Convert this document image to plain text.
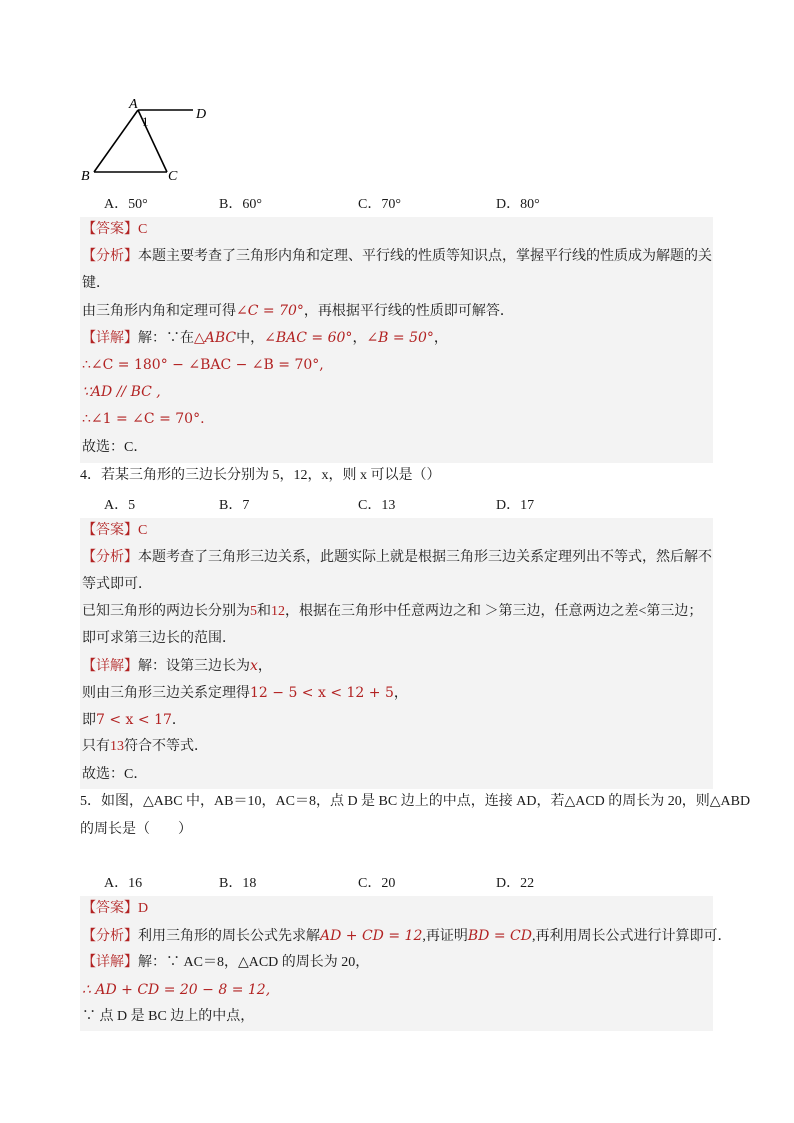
A
1	D
B	C
A．50°	B．60°	C．70°	D．80°
【答案】C
【分析】本题主要考查了三角形内角和定理、平行线的性质等知识点，掌握平行线的性质成为解题的关
键．
由三角形内角和定理可得∠C = 70°，再根据平行线的性质即可解答．
【详解】解：∵在△ABC中，∠BAC = 60°，∠B = 50°，
∴∠C = 180° − ∠BAC − ∠B = 70°,
∵AD // BC ,
∴∠1 = ∠C = 70°.
故选：C．
4．若某三角形的三边长分别为 5，12，x，则 x 可以是（）
A．5	B．7	C．13	D．17
【答案】C
【分析】本题考查了三角形三边关系，此题实际上就是根据三角形三边关系定理列出不等式，然后解不
等式即可．
已知三角形的两边长分别为5和12，根据在三角形中任意两边之和 ＞第三边，任意两边之差<第三边；
即可求第三边长的范围．
【详解】解：设第三边长为x，
则由三角形三边关系定理得12 − 5 < x < 12 + 5，
即7 < x < 17．
只有13符合不等式．
故选：C．
5．如图，△ABC 中，AB＝10，AC＝8，点 D 是 BC 边上的中点，连接 AD，若△ACD 的周长为 20，则△ABD
的周长是（　　）
A．16	B．18	C．20	D．22
【答案】D
【分析】利用三角形的周长公式先求解AD + CD = 12,再证明BD = CD,再利用周长公式进行计算即可．
【详解】解：∵ AC＝8，△ACD 的周长为 20，
∴ AD + CD = 20 − 8 = 12,
∵ 点 D 是 BC 边上的中点，
